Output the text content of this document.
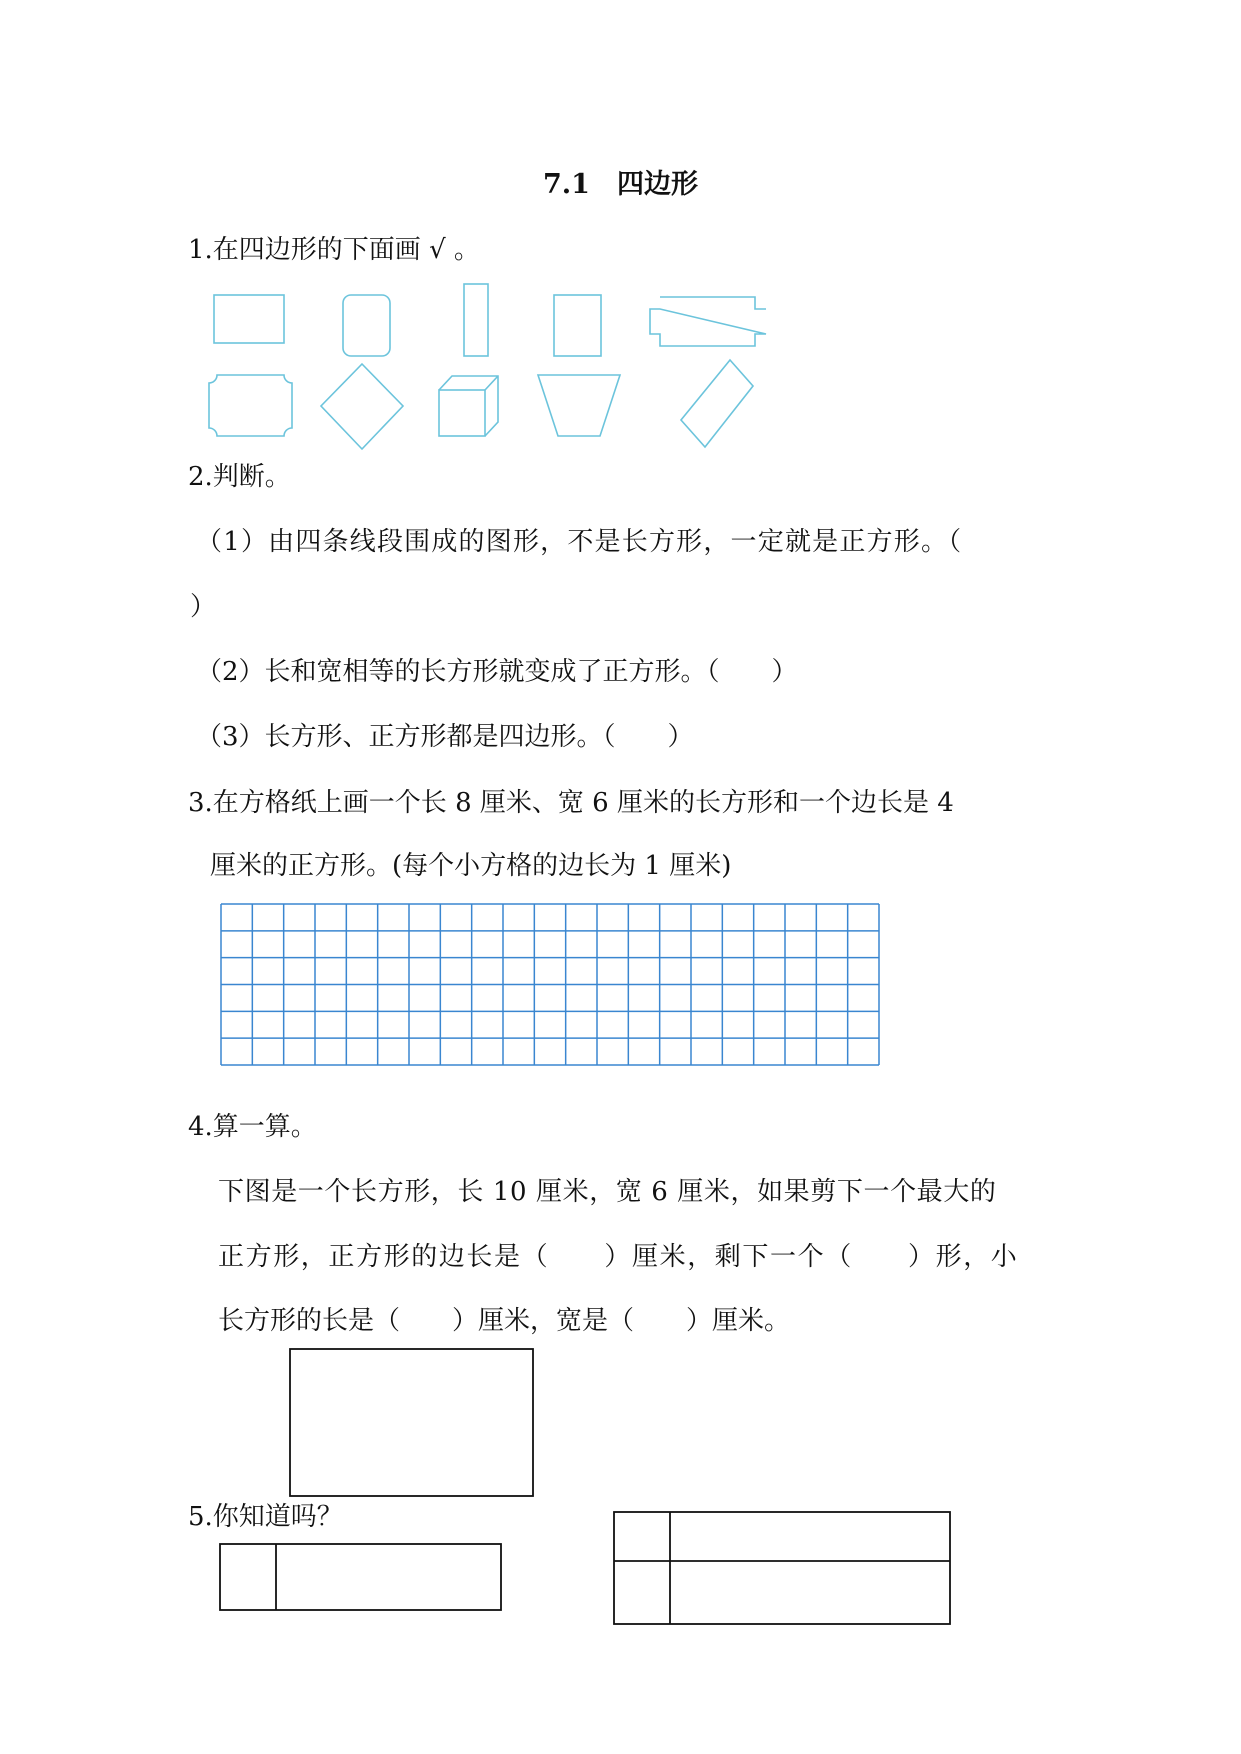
7.1　四边形
1.在四边形的下面画 √ 。
2.判断。
（1）由四条线段围成的图形，不是长方形，一定就是正方形。（
）
（2）长和宽相等的长方形就变成了正方形。（　　）
（3）长方形、正方形都是四边形。（　　）
3.在方格纸上画一个长 8 厘米、宽 6 厘米的长方形和一个边长是 4
厘米的正方形。(每个小方格的边长为 1 厘米)
4.算一算。
下图是一个长方形，长 10 厘米，宽 6 厘米，如果剪下一个最大的
正方形，正方形的边长是（　　）厘米，剩下一个（　　）形，小
长方形的长是（　　）厘米，宽是（　　）厘米。
5.你知道吗？
